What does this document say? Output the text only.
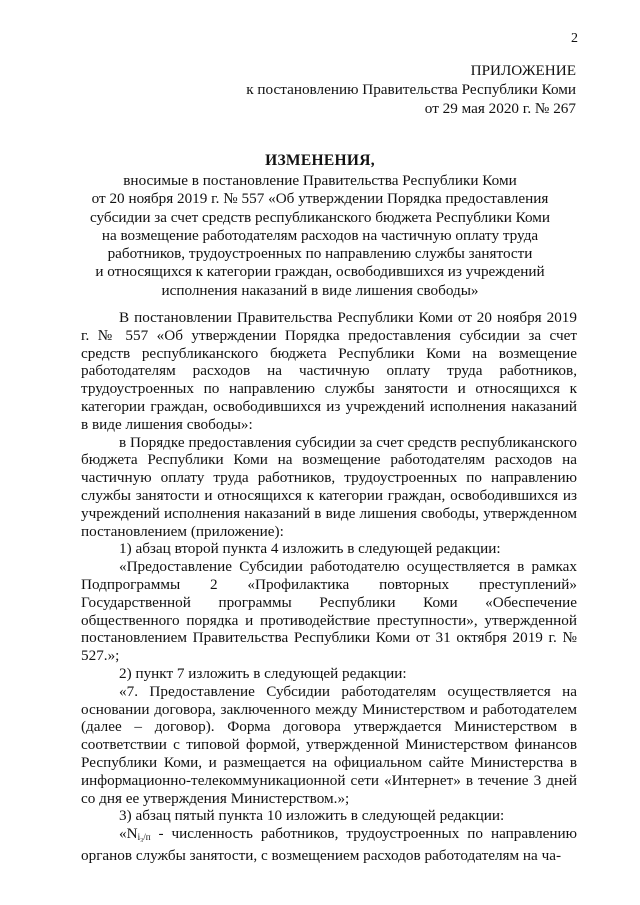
2
ПРИЛОЖЕНИЕ
к постановлению Правительства Республики Коми
от 29 мая 2020 г. № 267
ИЗМЕНЕНИЯ,
вносимые в постановление Правительства Республики Коми
от 20 ноября 2019 г. № 557 «Об утверждении Порядка предоставления
субсидии за счет средств республиканского бюджета Республики Коми
на возмещение работодателям расходов на частичную оплату труда
работников, трудоустроенных по направлению службы занятости
и относящихся к категории граждан, освободившихся из учреждений
исполнения наказаний в виде лишения свободы»

В постановлении Правительства Республики Коми от 20 ноября 2019 г. № 557 «Об утверждении Порядка предоставления субсидии за счет средств республиканского бюджета Республики Коми на возмещение работодателям расходов на частичную оплату труда работников, трудоустроенных по направлению службы занятости и относящихся к категории граждан, освободившихся из учреждений исполнения наказаний в виде лишения свободы»:

в Порядке предоставления субсидии за счет средств республиканского бюджета Республики Коми на возмещение работодателям расходов на частичную оплату труда работников, трудоустроенных по направлению службы занятости и относящихся к категории граждан, освободившихся из учреждений исполнения наказаний в виде лишения свободы, утвержденном постановлением (приложение):

1) абзац второй пункта 4 изложить в следующей редакции:

«Предоставление Субсидии работодателю осуществляется в рамках Подпрограммы 2 «Профилактика повторных преступлений» Государственной программы Республики Коми «Обеспечение общественного порядка и противодействие преступности», утвержденной постановлением Правительства Республики Коми от 31 октября 2019 г. № 527.»;

2) пункт 7 изложить в следующей редакции:

«7. Предоставление Субсидии работодателям осуществляется на основании договора, заключенного между Министерством и работодателем (далее – договор). Форма договора утверждается Министерством в соответствии с типовой формой, утвержденной Министерством финансов Республики Коми, и размещается на официальном сайте Министерства в информационно-телекоммуникационной сети «Интернет» в течение 3 дней со дня ее утверждения Министерством.»;

3) абзац пятый пункта 10 изложить в следующей редакции:

«$N_{i_3/п}$ - численность работников, трудоустроенных по направлению органов службы занятости, с возмещением расходов работодателям на ча-
